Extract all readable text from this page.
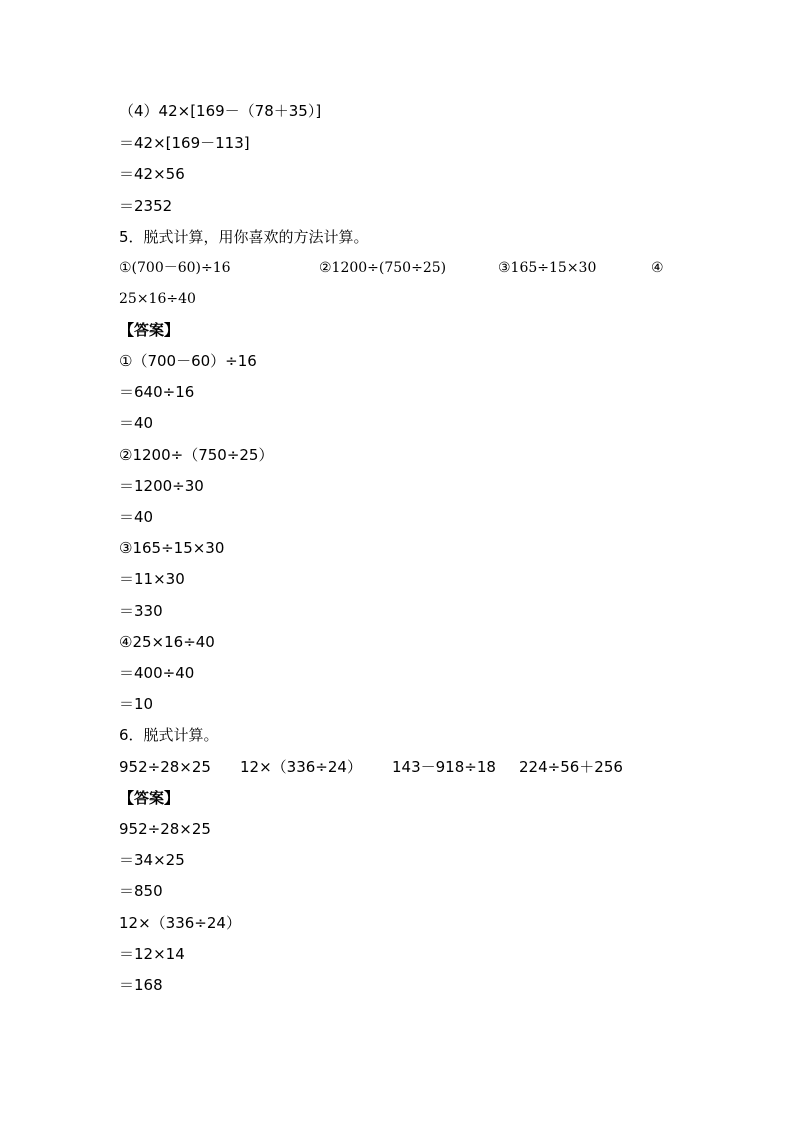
（4）42×[169－（78＋35）]
＝42×[169－113]
＝42×56
＝2352
5．脱式计算，用你喜欢的方法计算。
①(700－60)÷16	②1200÷(750÷25)	③165÷15×30	④
25×16÷40
【答案】
①（700－60）÷16
＝640÷16
＝40
②1200÷（750÷25）
＝1200÷30
＝40
③165÷15×30
＝11×30
＝330
④25×16÷40
＝400÷40
＝10
6．脱式计算。
952÷28×25 12×（336÷24） 143－918÷18 224÷56＋256
【答案】
952÷28×25
＝34×25
＝850
12×（336÷24）
＝12×14
＝168
